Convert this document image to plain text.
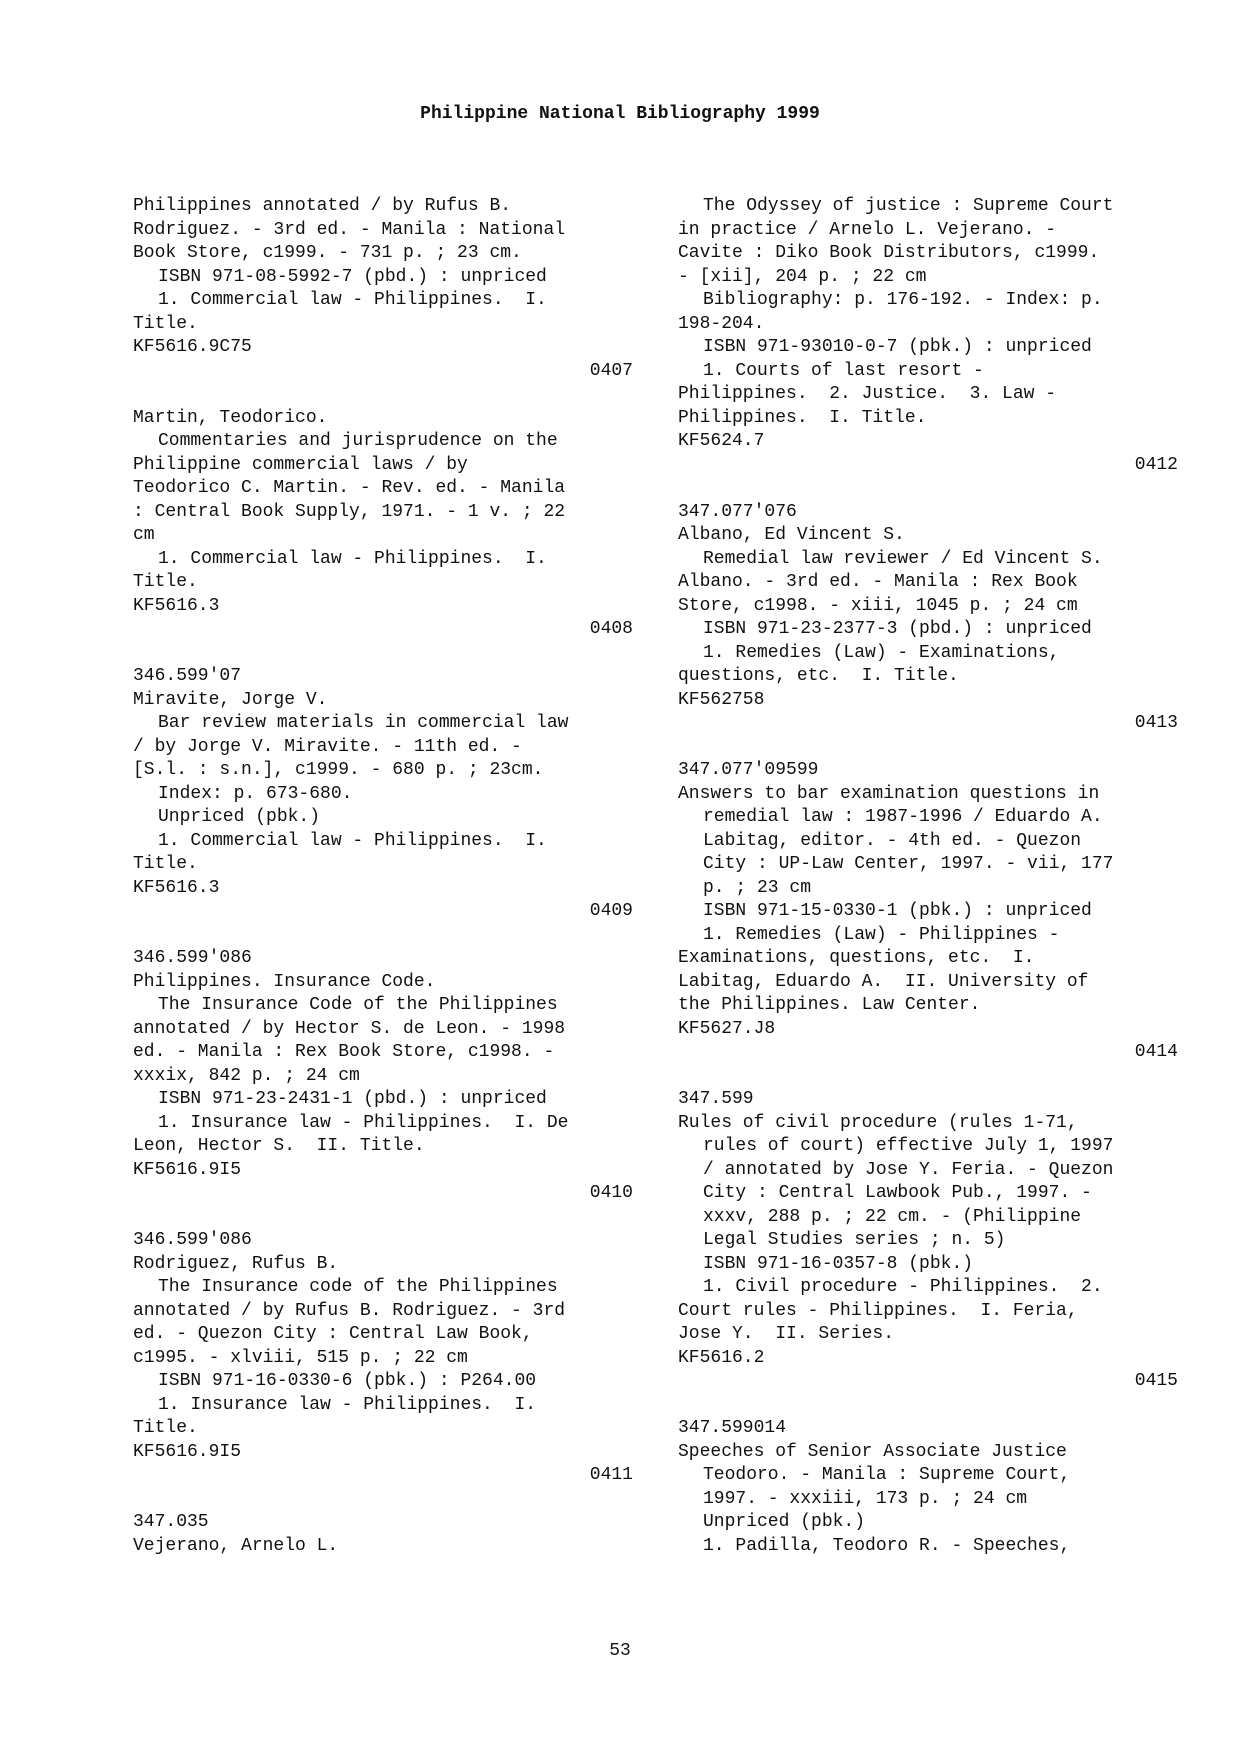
Philippine National Bibliography 1999
Philippines annotated / by Rufus B.
Rodriguez. - 3rd ed. - Manila : National
Book Store, c1999. - 731 p. ; 23 cm.
ISBN 971-08-5992-7 (pbd.) : unpriced
1. Commercial law - Philippines.  I.
Title.
KF5616.9C75
0407
Martin, Teodorico.
Commentaries and jurisprudence on the
Philippine commercial laws / by
Teodorico C. Martin. - Rev. ed. - Manila
: Central Book Supply, 1971. - 1 v. ; 22
cm
1. Commercial law - Philippines.  I.
Title.
KF5616.3
0408
346.599'07
Miravite, Jorge V.
Bar review materials in commercial law
/ by Jorge V. Miravite. - 11th ed. -
[S.l. : s.n.], c1999. - 680 p. ; 23cm.
Index: p. 673-680.
Unpriced (pbk.)
1. Commercial law - Philippines.  I.
Title.
KF5616.3
0409
346.599'086
Philippines. Insurance Code.
The Insurance Code of the Philippines
annotated / by Hector S. de Leon. - 1998
ed. - Manila : Rex Book Store, c1998. -
xxxix, 842 p. ; 24 cm
ISBN 971-23-2431-1 (pbd.) : unpriced
1. Insurance law - Philippines.  I. De
Leon, Hector S.  II. Title.
KF5616.9I5
0410
346.599'086
Rodriguez, Rufus B.
The Insurance code of the Philippines
annotated / by Rufus B. Rodriguez. - 3rd
ed. - Quezon City : Central Law Book,
c1995. - xlviii, 515 p. ; 22 cm
ISBN 971-16-0330-6 (pbk.) : P264.00
1. Insurance law - Philippines.  I.
Title.
KF5616.9I5
0411
347.035
Vejerano, Arnelo L.
The Odyssey of justice : Supreme Court
in practice / Arnelo L. Vejerano. -
Cavite : Diko Book Distributors, c1999.
- [xii], 204 p. ; 22 cm
Bibliography: p. 176-192. - Index: p.
198-204.
ISBN 971-93010-0-7 (pbk.) : unpriced
1. Courts of last resort -
Philippines.  2. Justice.  3. Law -
Philippines.  I. Title.
KF5624.7
0412
347.077'076
Albano, Ed Vincent S.
Remedial law reviewer / Ed Vincent S.
Albano. - 3rd ed. - Manila : Rex Book
Store, c1998. - xiii, 1045 p. ; 24 cm
ISBN 971-23-2377-3 (pbd.) : unpriced
1. Remedies (Law) - Examinations,
questions, etc.  I. Title.
KF562758
0413
347.077'09599
Answers to bar examination questions in
remedial law : 1987-1996 / Eduardo A.
Labitag, editor. - 4th ed. - Quezon
City : UP-Law Center, 1997. - vii, 177
p. ; 23 cm
ISBN 971-15-0330-1 (pbk.) : unpriced
1. Remedies (Law) - Philippines -
Examinations, questions, etc.  I.
Labitag, Eduardo A.  II. University of
the Philippines. Law Center.
KF5627.J8
0414
347.599
Rules of civil procedure (rules 1-71,
rules of court) effective July 1, 1997
/ annotated by Jose Y. Feria. - Quezon
City : Central Lawbook Pub., 1997. -
xxxv, 288 p. ; 22 cm. - (Philippine
Legal Studies series ; n. 5)
ISBN 971-16-0357-8 (pbk.)
1. Civil procedure - Philippines.  2.
Court rules - Philippines.  I. Feria,
Jose Y.  II. Series.
KF5616.2
0415
347.599014
Speeches of Senior Associate Justice
Teodoro. - Manila : Supreme Court,
1997. - xxxiii, 173 p. ; 24 cm
Unpriced (pbk.)
1. Padilla, Teodoro R. - Speeches,
53
